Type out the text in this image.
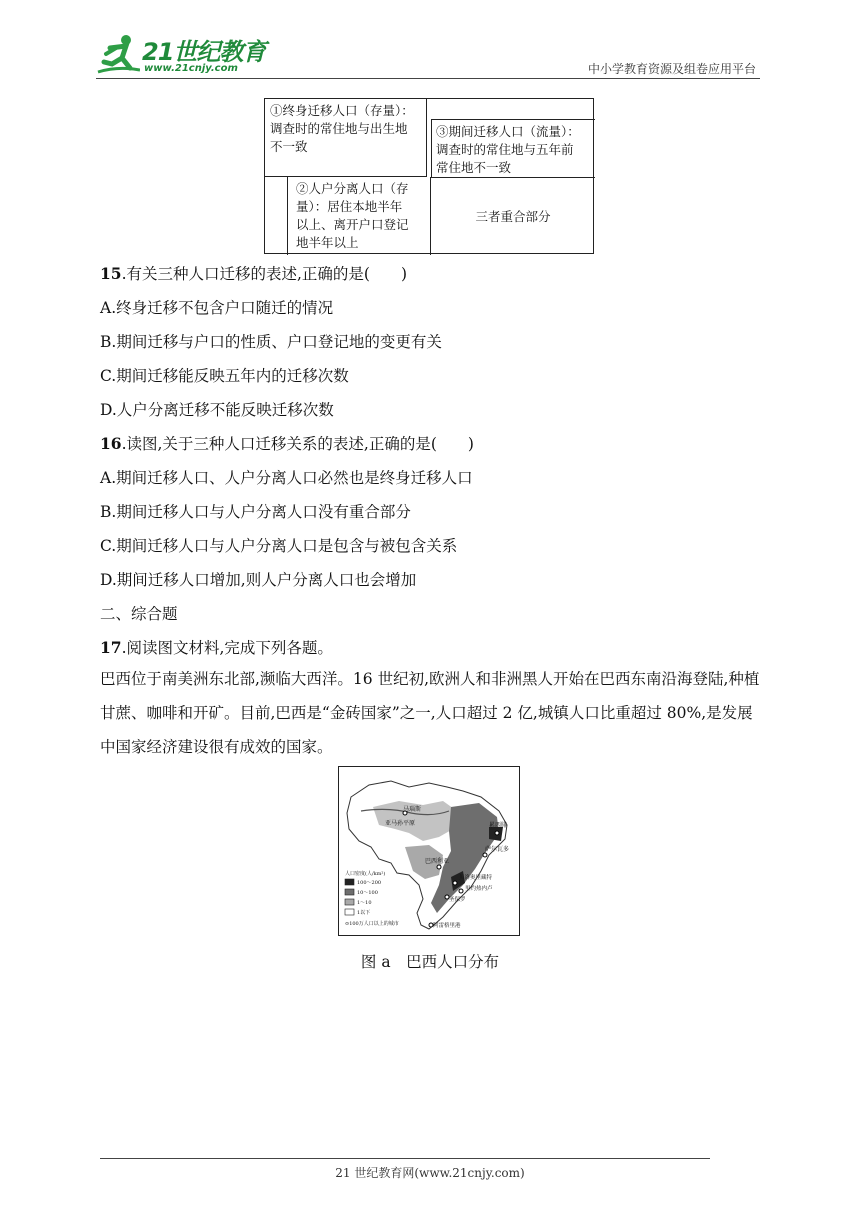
21世纪教育
www.21cnjy.com	中小学教育资源及组卷应用平台
①终身迁移人口（存量）：
调查时的常住地与出生地
不一致
③期间迁移人口（流量）：
调查时的常住地与五年前
常住地不一致
②人户分离人口（存
量）：居住本地半年
以上、离开户口登记
地半年以上
三者重合部分
15.有关三种人口迁移的表述,正确的是(　　)
A.终身迁移不包含户口随迁的情况
B.期间迁移与户口的性质、户口登记地的变更有关
C.期间迁移能反映五年内的迁移次数
D.人户分离迁移不能反映迁移次数
16.读图,关于三种人口迁移关系的表述,正确的是(　　)
A.期间迁移人口、人户分离人口必然也是终身迁移人口
B.期间迁移人口与人户分离人口没有重合部分
C.期间迁移人口与人户分离人口是包含与被包含关系
D.期间迁移人口增加,则人户分离人口也会增加
二、综合题
17.阅读图文材料,完成下列各题。
巴西位于南美洲东北部,濒临大西洋。16 世纪初,欧洲人和非洲黑人开始在巴西东南沿海登陆,种植甘蔗、咖啡和开矿。目前,巴西是“金砖国家”之一,人口超过 2 亿,城镇人口比重超过 80%,是发展中国家经济建设很有成效的国家。
马瑙斯
亚马孙平原	累西腓
巴西利亚
萨尔瓦多
贝洛奥里藏特
里约热内卢
圣保罗
阿雷格里港
人口密度(人/km²)
100～200
10～100
1～10
1以下
⊙100万人口以上的城市
图 a　巴西人口分布
21 世纪教育网(www.21cnjy.com)
